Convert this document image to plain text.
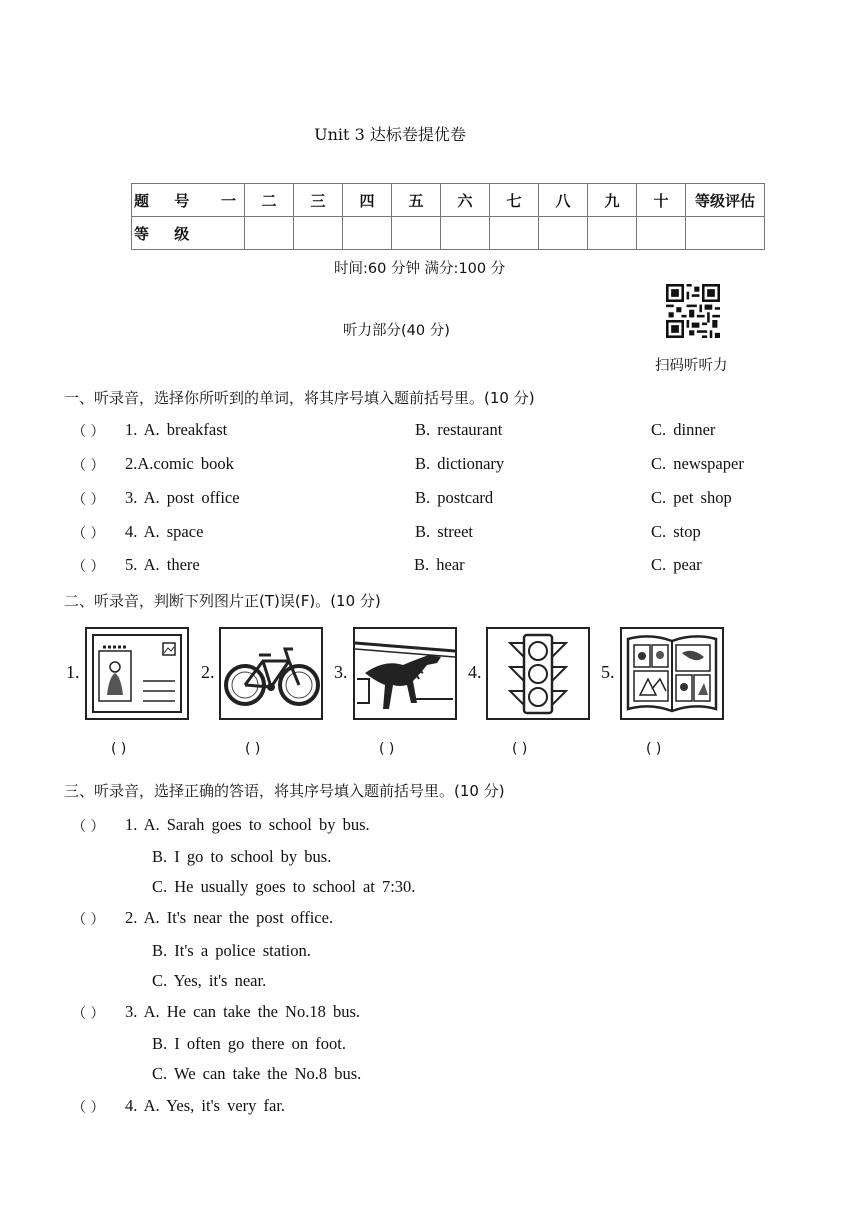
Unit 3 达标卷提优卷
题 号 一	二	三	四	五	六	七	八	九	十	等级评估
等 级										
时间:60 分钟 满分:100 分
听力部分(40 分)
扫码听听力
一、听录音，选择你所听到的单词，将其序号填入题前括号里。(10 分)
（ ） 1. A. breakfast	B. restaurant	C. dinner
（ ） 2.A.comic book	B. dictionary	C. newspaper
（ ） 3. A. post office	B. postcard	C. pet shop
（ ） 4. A. space	B. street	C. stop
（ ） 5. A. there	B. hear	C. pear
二、听录音，判断下列图片正(T)误(F)。(10 分)
1.
( )
2.
( )
3.
( )
4.
( )
5.
( )
三、听录音，选择正确的答语，将其序号填入题前括号里。(10 分)
（ ） 1. A. Sarah goes to school by bus.
B. I go to school by bus.
C. He usually goes to school at 7:30.
（ ） 2. A. It's near the post office.
B. It's a police station.
C. Yes, it's near.
（ ） 3. A. He can take the No.18 bus.
B. I often go there on foot.
C. We can take the No.8 bus.
（ ） 4. A. Yes, it's very far.
